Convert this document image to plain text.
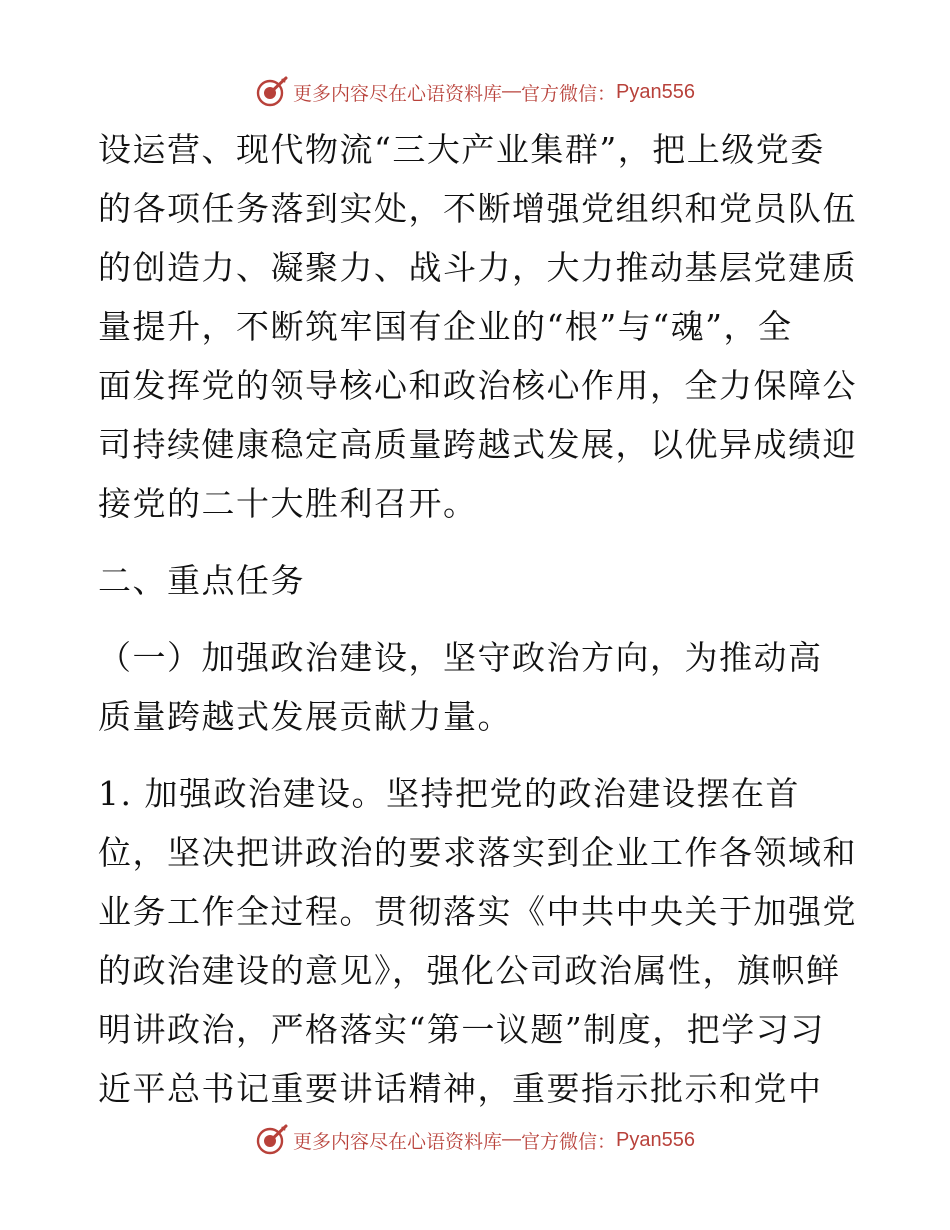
更多内容尽在心语资料库 — 官方微信： Pyan556
设运营、现代物流“三大产业集群”，把上级党委
的各项任务落到实处，不断增强党组织和党员队伍
的创造力、凝聚力、战斗力，大力推动基层党建质
量提升，不断筑牢国有企业的“根”与“魂”，全
面发挥党的领导核心和政治核心作用，全力保障公
司持续健康稳定高质量跨越式发展，以优异成绩迎
接党的二十大胜利召开。
二、重点任务
（一）加强政治建设，坚守政治方向，为推动高
质量跨越式发展贡献力量。
1. 加强政治建设。坚持把党的政治建设摆在首
位，坚决把讲政治的要求落实到企业工作各领域和
业务工作全过程。贯彻落实《中共中央关于加强党
的政治建设的意见》，强化公司政治属性，旗帜鲜
明讲政治，严格落实“第一议题”制度，把学习习
近平总书记重要讲话精神，重要指示批示和党中
更多内容尽在心语资料库 — 官方微信： Pyan556
